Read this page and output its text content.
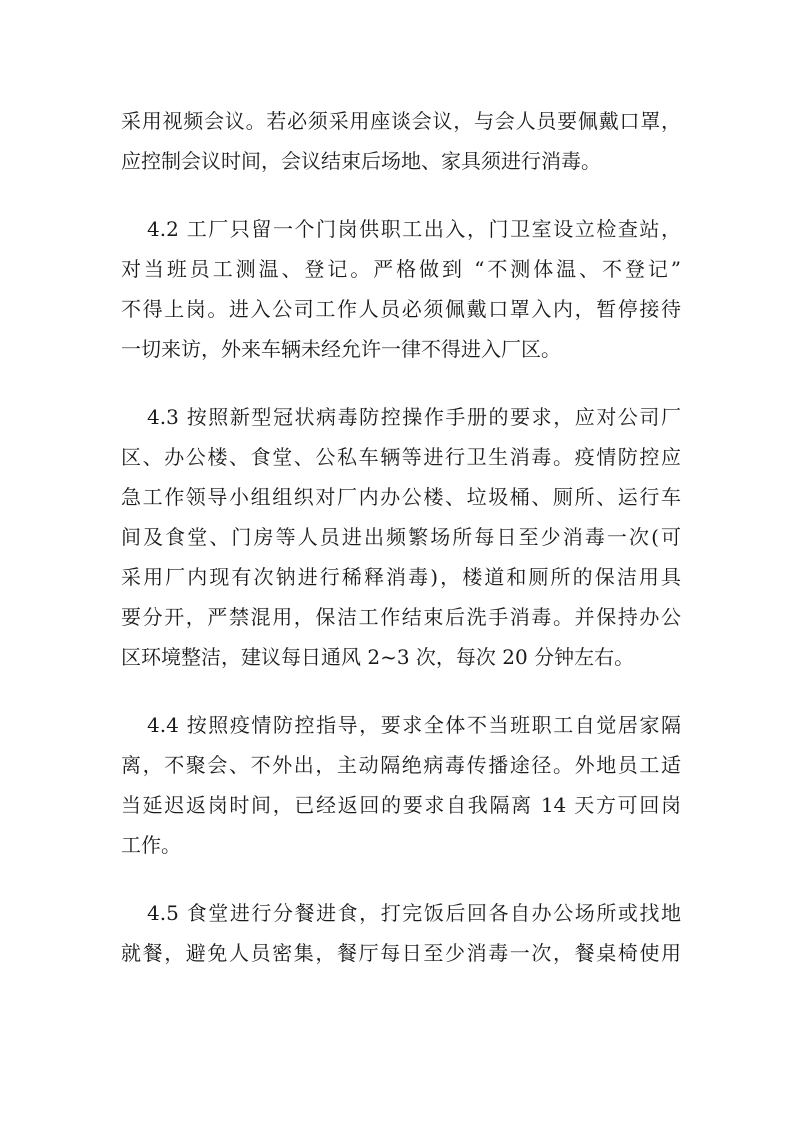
采用视频会议。若必须采用座谈会议，与会人员要佩戴口罩，
应控制会议时间，会议结束后场地、家具须进行消毒。
4.2 工厂只留一个门岗供职工出入，门卫室设立检查站，
对当班员工测温、登记。严格做到 “不测体温、不登记”
不得上岗。进入公司工作人员必须佩戴口罩入内，暂停接待
一切来访，外来车辆未经允许一律不得进入厂区。
4.3 按照新型冠状病毒防控操作手册的要求，应对公司厂
区、办公楼、食堂、公私车辆等进行卫生消毒。疫情防控应
急工作领导小组组织对厂内办公楼、垃圾桶、厕所、运行车
间及食堂、门房等人员进出频繁场所每日至少消毒一次(可
采用厂内现有次钠进行稀释消毒)，楼道和厕所的保洁用具
要分开，严禁混用，保洁工作结束后洗手消毒。并保持办公
区环境整洁，建议每日通风 2~3 次，每次 20 分钟左右。
4.4 按照疫情防控指导，要求全体不当班职工自觉居家隔
离，不聚会、不外出，主动隔绝病毒传播途径。外地员工适
当延迟返岗时间，已经返回的要求自我隔离 14 天方可回岗
工作。
4.5 食堂进行分餐进食，打完饭后回各自办公场所或找地
就餐，避免人员密集，餐厅每日至少消毒一次，餐桌椅使用
